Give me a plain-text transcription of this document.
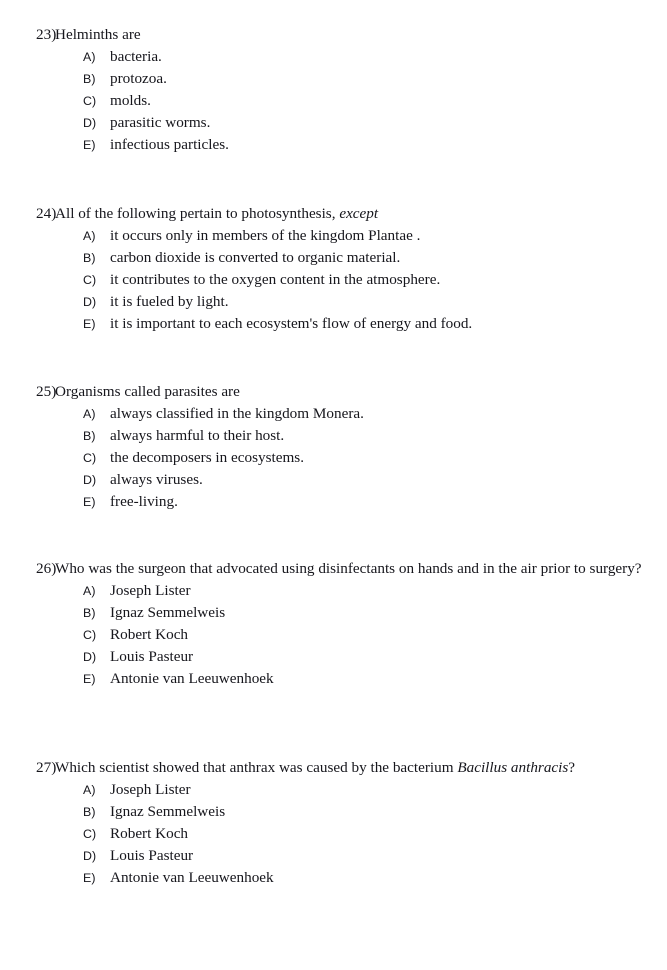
23)
Helminths are
A) bacteria.
B) protozoa.
C) molds.
D) parasitic worms.
E) infectious particles.
24)
All of the following pertain to photosynthesis, except
A) it occurs only in members of the kingdom Plantae .
B) carbon dioxide is converted to organic material.
C) it contributes to the oxygen content in the atmosphere.
D) it is fueled by light.
E) it is important to each ecosystem's flow of energy and food.
25)
Organisms called parasites are
A) always classified in the kingdom Monera.
B) always harmful to their host.
C) the decomposers in ecosystems.
D) always viruses.
E) free-living.
26)
Who was the surgeon that advocated using disinfectants on hands and in the air prior to surgery?
A) Joseph Lister
B) Ignaz Semmelweis
C) Robert Koch
D) Louis Pasteur
E) Antonie van Leeuwenhoek
27)
Which scientist showed that anthrax was caused by the bacterium Bacillus anthracis?
A) Joseph Lister
B) Ignaz Semmelweis
C) Robert Koch
D) Louis Pasteur
E) Antonie van Leeuwenhoek
